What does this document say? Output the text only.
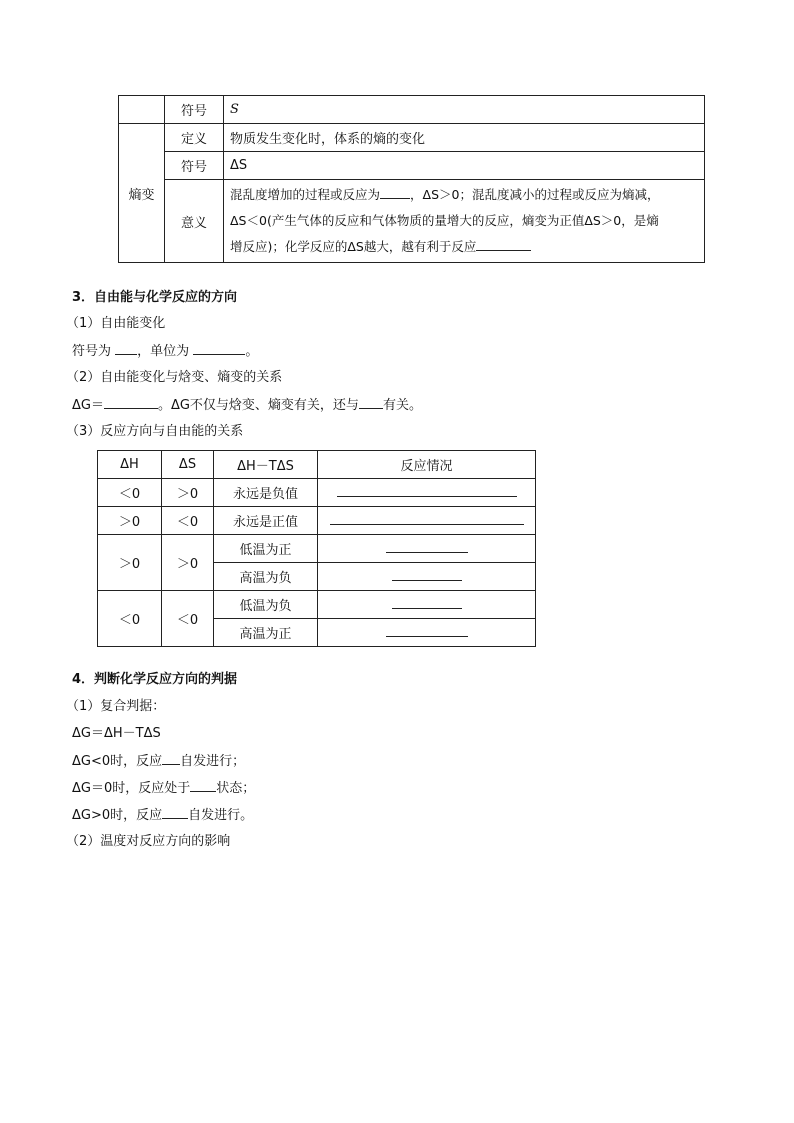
	符号	S
熵变	定义	物质发生变化时，体系的熵的变化
	符号	ΔS
	意义	混乱度增加的过程或反应为 ，ΔS＞0；混乱度减小的过程或反应为熵减，
ΔS＜0(产生气体的反应和气体物质的量增大的反应，熵变为正值ΔS＞0，是熵
增反应)；化学反应的ΔS越大，越有利于反应
3．自由能与化学反应的方向
（1）自由能变化
符号为 ，单位为	。
（2）自由能变化与焓变、熵变的关系
ΔG＝	。ΔG不仅与焓变、熵变有关，还与 有关。
（3）反应方向与自由能的关系
ΔH	ΔS	ΔH－TΔS	反应情况
＜0	＞0	永远是负值	
＞0	＜0	永远是正值	
＞0	＞0	低温为正	
		高温为负	
＜0	＜0	低温为负	
		高温为正	
4．判断化学反应方向的判据
（1）复合判据：
ΔG＝ΔH－TΔS
ΔG<0时，反应 自发进行；
ΔG＝0时，反应处于 状态；
ΔG>0时，反应 自发进行。
（2）温度对反应方向的影响
